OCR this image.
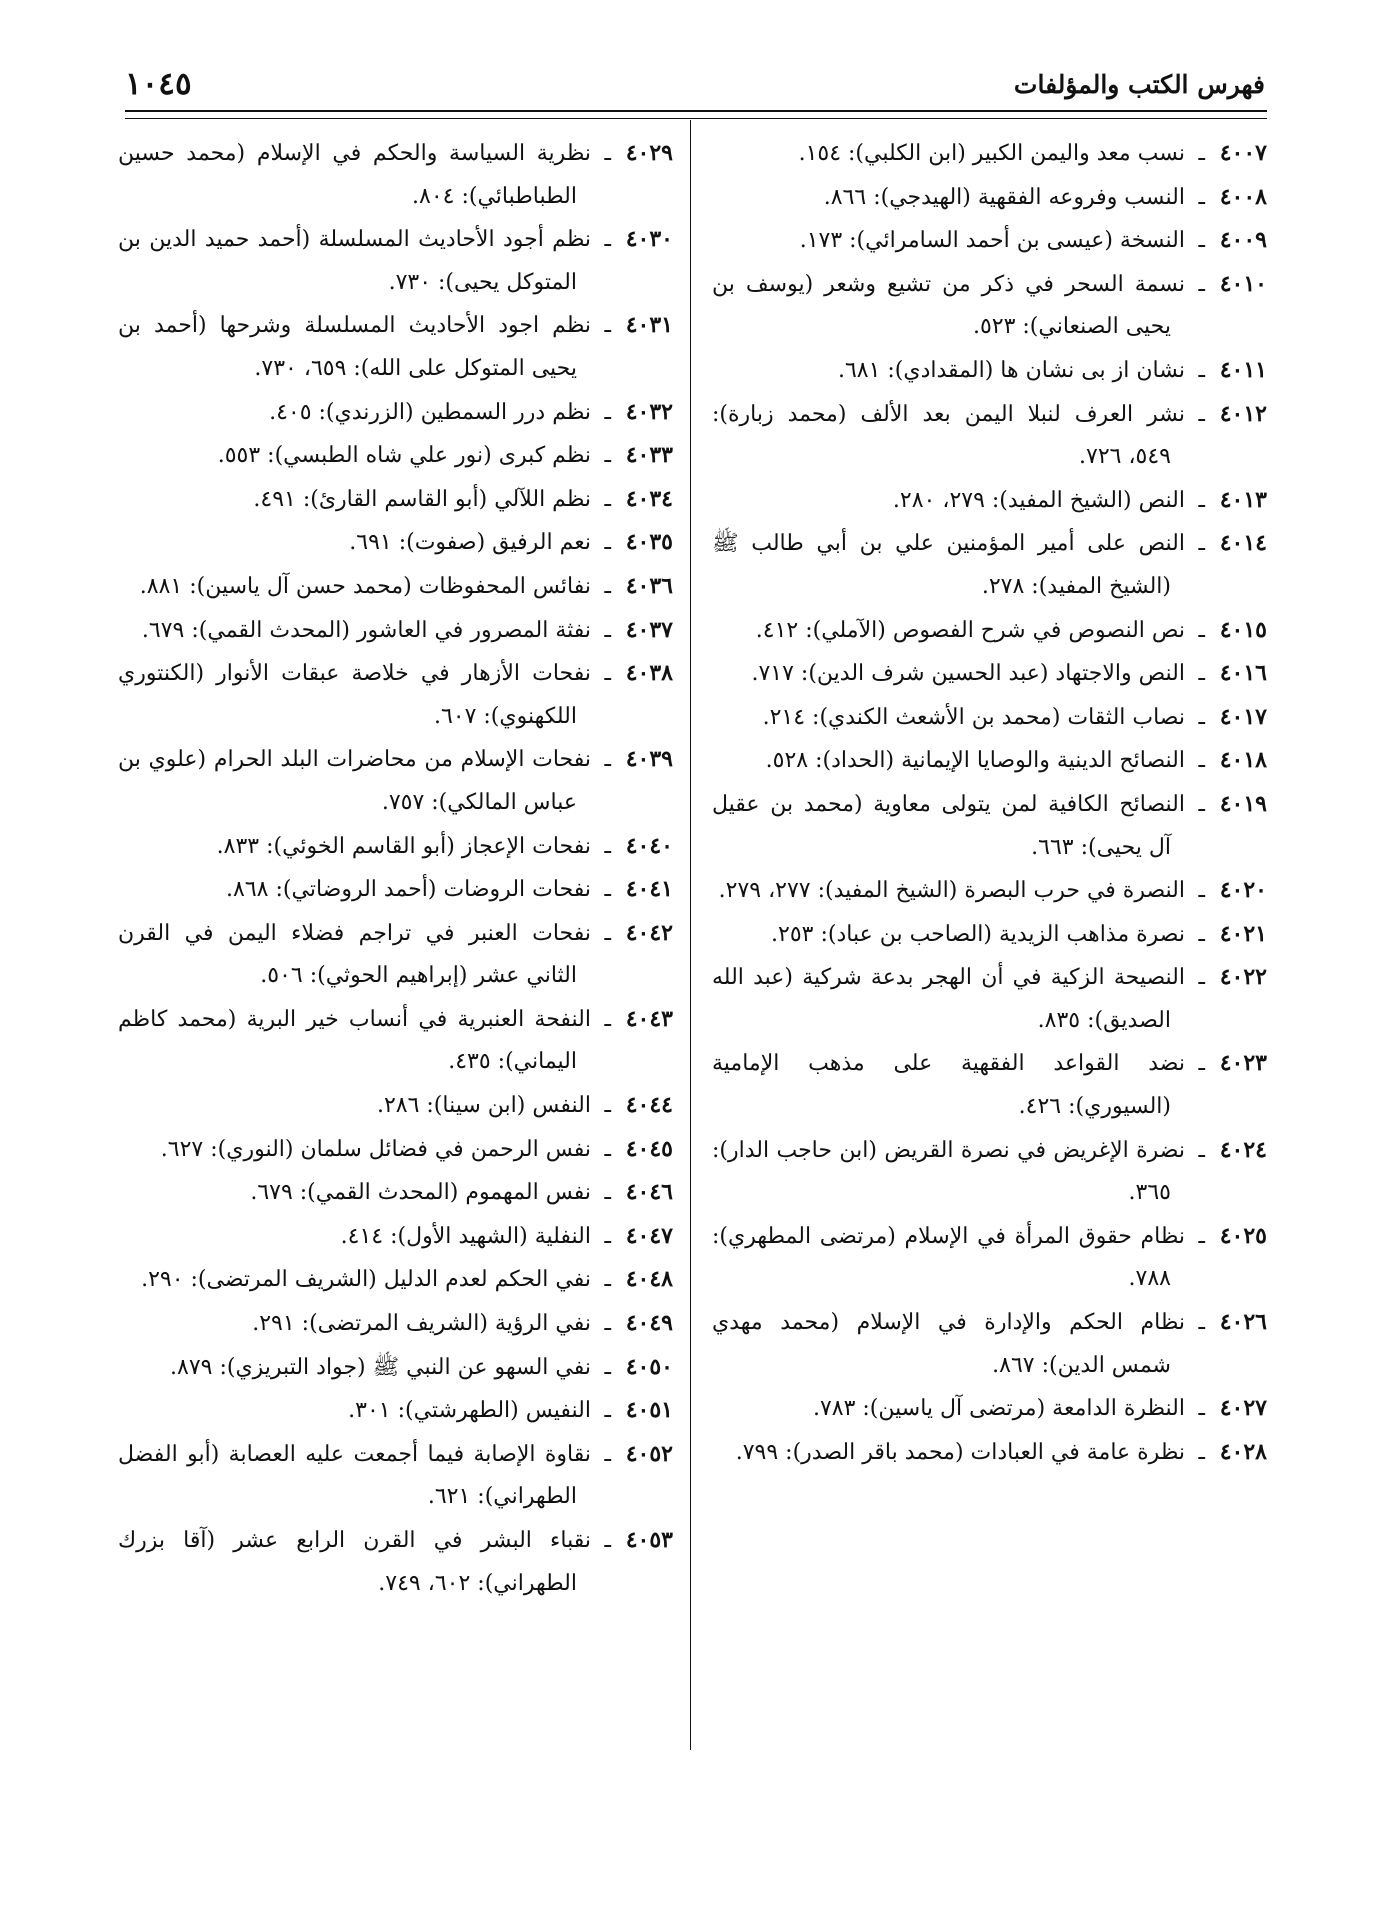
فهرس الكتب والمؤلفات
١٠٤٥

٤٠٠٧ـنسب معد واليمن الكبير (ابن الكلبي): ١٥٤.

٤٠٠٨ـالنسب وفروعه الفقهية (الهيدجي): ٨٦٦.

٤٠٠٩ـالنسخة (عيسى بن أحمد السامرائي): ١٧٣.

٤٠١٠ـنسمة السحر في ذكر من تشيع وشعر (يوسف بن يحيى الصنعاني): ٥٢٣.

٤٠١١ـنشان از بى نشان ها (المقدادي): ٦٨١.

٤٠١٢ـنشر العرف لنبلا اليمن بعد الألف (محمد زبارة): ٥٤٩، ٧٢٦.

٤٠١٣ـالنص (الشيخ المفيد): ٢٧٩، ٢٨٠.

٤٠١٤ـالنص على أمير المؤمنين علي بن أبي طالب ﷺ (الشيخ المفيد): ٢٧٨.

٤٠١٥ـنص النصوص في شرح الفصوص (الآملي): ٤١٢.

٤٠١٦ـالنص والاجتهاد (عبد الحسين شرف الدين): ٧١٧.

٤٠١٧ـنصاب الثقات (محمد بن الأشعث الكندي): ٢١٤.

٤٠١٨ـالنصائح الدينية والوصايا الإيمانية (الحداد): ٥٢٨.

٤٠١٩ـالنصائح الكافية لمن يتولى معاوية (محمد بن عقيل آل يحيى): ٦٦٣.

٤٠٢٠ـالنصرة في حرب البصرة (الشيخ المفيد): ٢٧٧، ٢٧٩.

٤٠٢١ـنصرة مذاهب الزيدية (الصاحب بن عباد): ٢٥٣.

٤٠٢٢ـالنصيحة الزكية في أن الهجر بدعة شركية (عبد الله الصديق): ٨٣٥.

٤٠٢٣ـنضد القواعد الفقهية على مذهب الإمامية (السيوري): ٤٢٦.

٤٠٢٤ـنضرة الإغريض في نصرة القريض (ابن حاجب الدار): ٣٦٥.

٤٠٢٥ـنظام حقوق المرأة في الإسلام (مرتضى المطهري): ٧٨٨.

٤٠٢٦ـنظام الحكم والإدارة في الإسلام (محمد مهدي شمس الدين): ٨٦٧.

٤٠٢٧ـالنظرة الدامعة (مرتضى آل ياسين): ٧٨٣.

٤٠٢٨ـنظرة عامة في العبادات (محمد باقر الصدر): ٧٩٩.

٤٠٢٩ـنظرية السياسة والحكم في الإسلام (محمد حسين الطباطبائي): ٨٠٤.

٤٠٣٠ـنظم أجود الأحاديث المسلسلة (أحمد حميد الدين بن المتوكل يحيى): ٧٣٠.

٤٠٣١ـنظم اجود الأحاديث المسلسلة وشرحها (أحمد بن يحيى المتوكل على الله): ٦٥٩، ٧٣٠.

٤٠٣٢ـنظم درر السمطين (الزرندي): ٤٠٥.

٤٠٣٣ـنظم كبرى (نور علي شاه الطبسي): ٥٥٣.

٤٠٣٤ـنظم اللآلي (أبو القاسم القارئ): ٤٩١.

٤٠٣٥ـنعم الرفيق (صفوت): ٦٩١.

٤٠٣٦ـنفائس المحفوظات (محمد حسن آل ياسين): ٨٨١.

٤٠٣٧ـنفثة المصرور في العاشور (المحدث القمي): ٦٧٩.

٤٠٣٨ـنفحات الأزهار في خلاصة عبقات الأنوار (الكنتوري اللكهنوي): ٦٠٧.

٤٠٣٩ـنفحات الإسلام من محاضرات البلد الحرام (علوي بن عباس المالكي): ٧٥٧.

٤٠٤٠ـنفحات الإعجاز (أبو القاسم الخوئي): ٨٣٣.

٤٠٤١ـنفحات الروضات (أحمد الروضاتي): ٨٦٨.

٤٠٤٢ـنفحات العنبر في تراجم فضلاء اليمن في القرن الثاني عشر (إبراهيم الحوثي): ٥٠٦.

٤٠٤٣ـالنفحة العنبرية في أنساب خير البرية (محمد كاظم اليماني): ٤٣٥.

٤٠٤٤ـالنفس (ابن سينا): ٢٨٦.

٤٠٤٥ـنفس الرحمن في فضائل سلمان (النوري): ٦٢٧.

٤٠٤٦ـنفس المهموم (المحدث القمي): ٦٧٩.

٤٠٤٧ـالنفلية (الشهيد الأول): ٤١٤.

٤٠٤٨ـنفي الحكم لعدم الدليل (الشريف المرتضى): ٢٩٠.

٤٠٤٩ـنفي الرؤية (الشريف المرتضى): ٢٩١.

٤٠٥٠ـنفي السهو عن النبي ﷺ (جواد التبريزي): ٨٧٩.

٤٠٥١ـالنفيس (الطهرشتي): ٣٠١.

٤٠٥٢ـنقاوة الإصابة فيما أجمعت عليه العصابة (أبو الفضل الطهراني): ٦٢١.

٤٠٥٣ـنقباء البشر في القرن الرابع عشر (آقا بزرك الطهراني): ٦٠٢، ٧٤٩.
